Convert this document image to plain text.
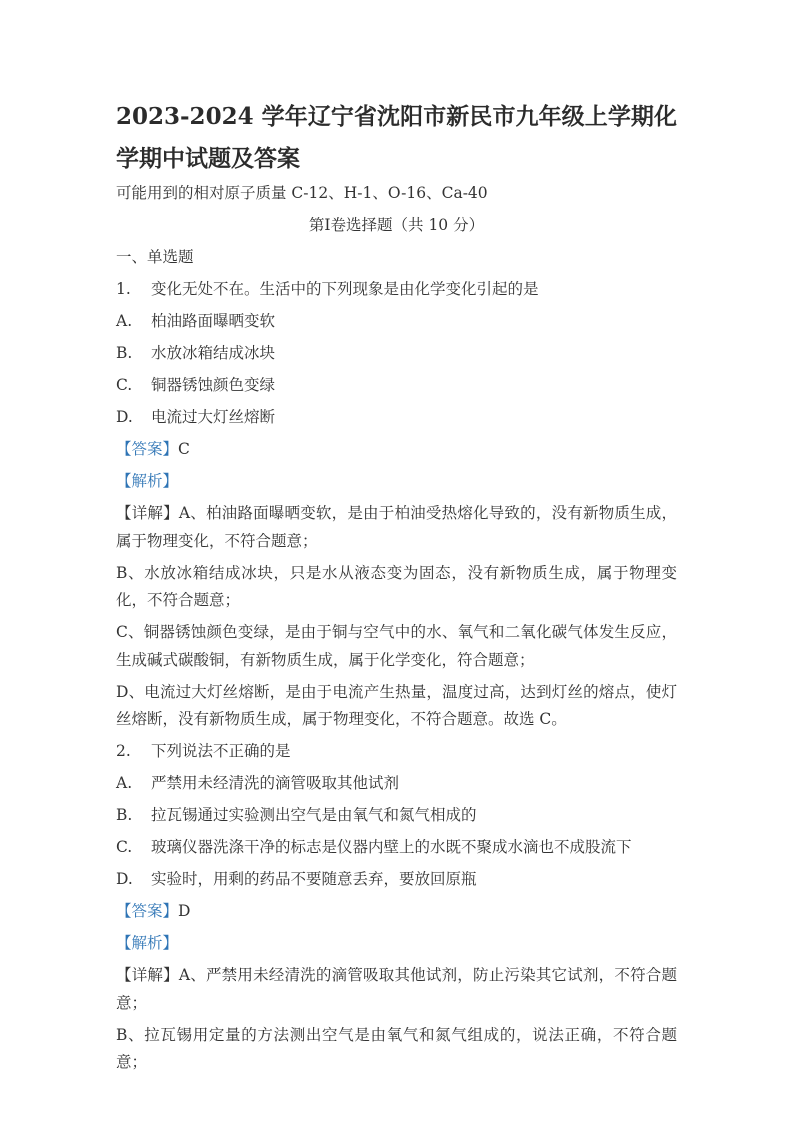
2023-2024 学年辽宁省沈阳市新民市九年级上学期化学期中试题及答案

可能用到的相对原子质量 C-12、H-1、O-16、Ca-40

第Ⅰ卷选择题（共 10 分）

一、单选题

1. 变化无处不在。生活中的下列现象是由化学变化引起的是

A. 柏油路面曝晒变软

B. 水放冰箱结成冰块

C. 铜器锈蚀颜色变绿

D. 电流过大灯丝熔断

【答案】C

【解析】

【详解】A、柏油路面曝晒变软，是由于柏油受热熔化导致的，没有新物质生成，属于物理变化，不符合题意；

B、水放冰箱结成冰块，只是水从液态变为固态，没有新物质生成，属于物理变化，不符合题意；

C、铜器锈蚀颜色变绿，是由于铜与空气中的水、氧气和二氧化碳气体发生反应，生成碱式碳酸铜，有新物质生成，属于化学变化，符合题意；

D、电流过大灯丝熔断，是由于电流产生热量，温度过高，达到灯丝的熔点，使灯丝熔断，没有新物质生成，属于物理变化，不符合题意。故选 C。

2. 下列说法不正确的是

A. 严禁用未经清洗的滴管吸取其他试剂

B. 拉瓦锡通过实验测出空气是由氧气和氮气相成的

C. 玻璃仪器洗涤干净的标志是仪器内壁上的水既不聚成水滴也不成股流下

D. 实验时，用剩的药品不要随意丢弃，要放回原瓶

【答案】D

【解析】

【详解】A、严禁用未经清洗的滴管吸取其他试剂，防止污染其它试剂，不符合题意；

B、拉瓦锡用定量的方法测出空气是由氧气和氮气组成的，说法正确，不符合题意；
